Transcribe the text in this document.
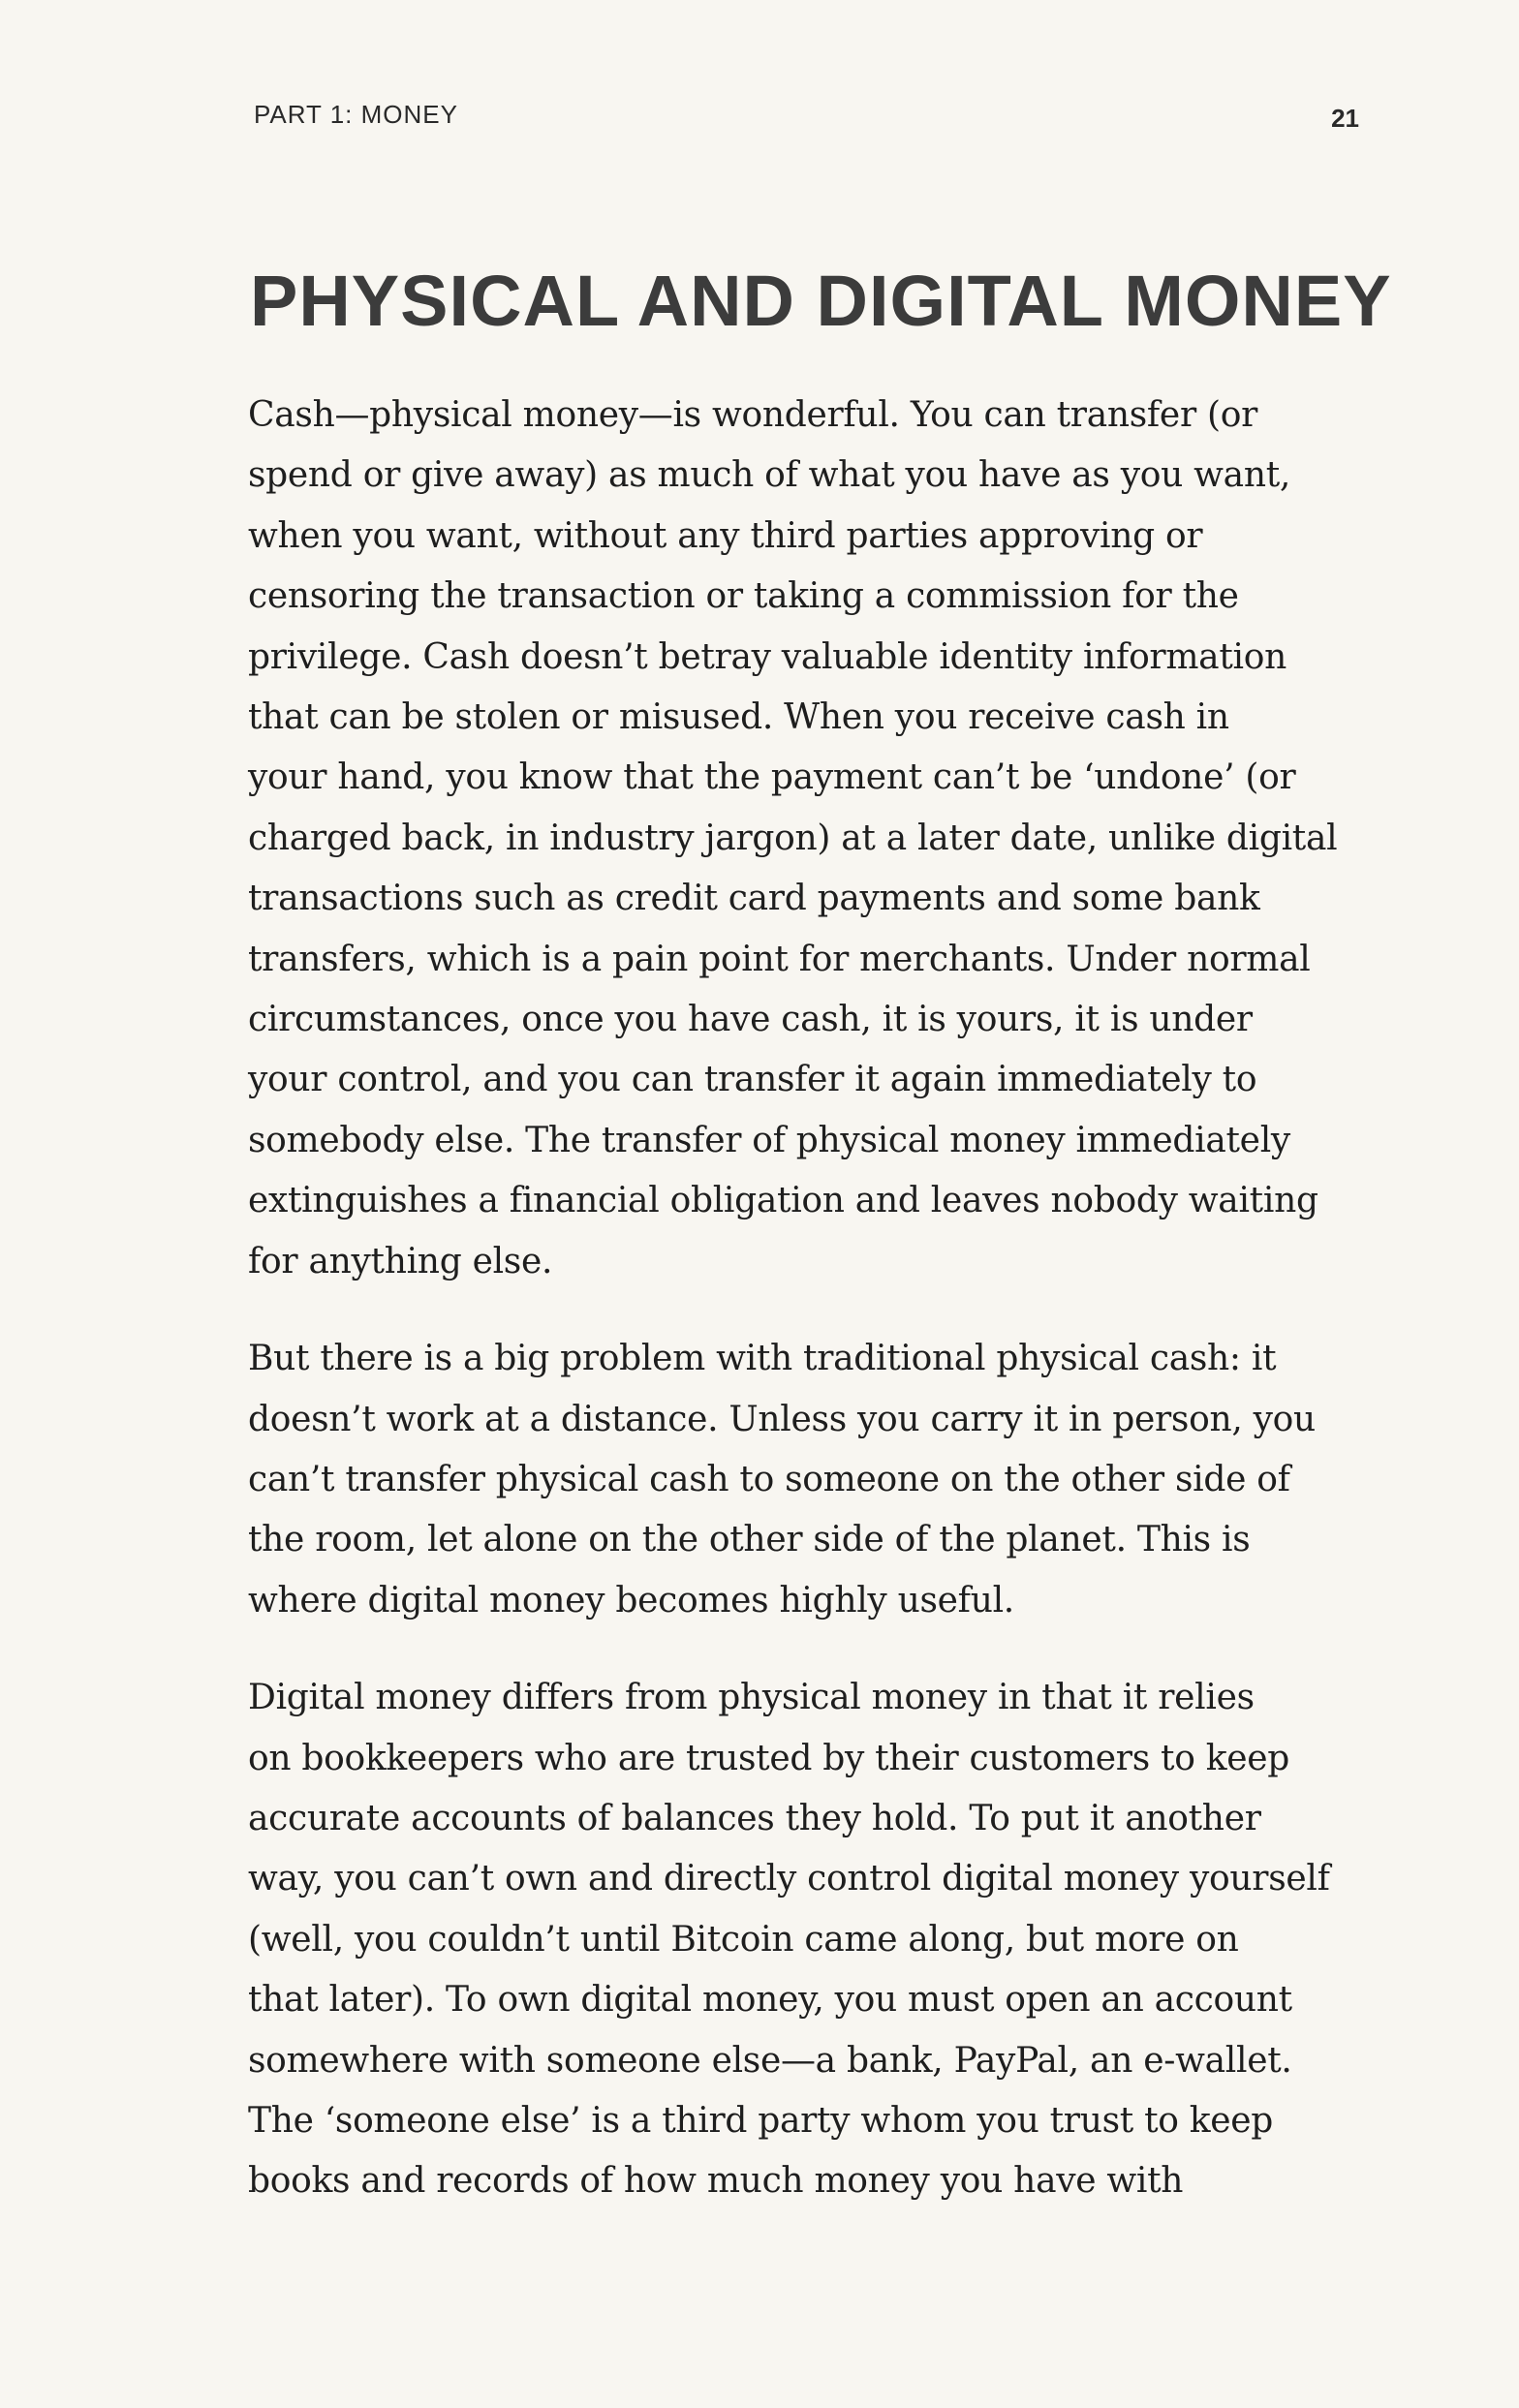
PART 1: MONEY	21
PHYSICAL AND DIGITAL MONEY

Cash—physical money—is wonderful. You can transfer (or
spend or give away) as much of what you have as you want,
when you want, without any third parties approving or
censoring the transaction or taking a commission for the
privilege. Cash doesn’t betray valuable identity information
that can be stolen or misused. When you receive cash in
your hand, you know that the payment can’t be ‘undone’ (or
charged back, in industry jargon) at a later date, unlike digital
transactions such as credit card payments and some bank
transfers, which is a pain point for merchants. Under normal
circumstances, once you have cash, it is yours, it is under
your control, and you can transfer it again immediately to
somebody else. The transfer of physical money immediately
extinguishes a financial obligation and leaves nobody waiting
for anything else.

But there is a big problem with traditional physical cash: it
doesn’t work at a distance. Unless you carry it in person, you
can’t transfer physical cash to someone on the other side of
the room, let alone on the other side of the planet. This is
where digital money becomes highly useful.

Digital money differs from physical money in that it relies
on bookkeepers who are trusted by their customers to keep
accurate accounts of balances they hold. To put it another
way, you can’t own and directly control digital money yourself
(well, you couldn’t until Bitcoin came along, but more on
that later). To own digital money, you must open an account
somewhere with someone else—a bank, PayPal, an e-wallet.
The ‘someone else’ is a third party whom you trust to keep
books and records of how much money you have with
